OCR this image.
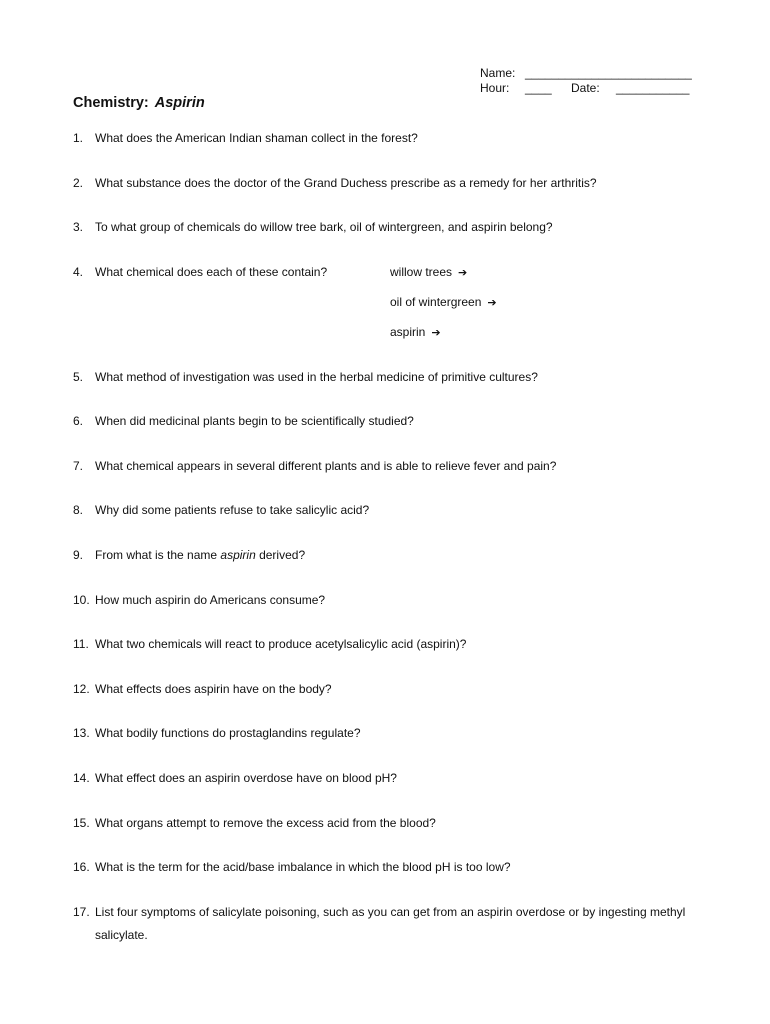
Name: _________________________
Hour: ____ Date: ___________
Chemistry: Aspirin
1. What does the American Indian shaman collect in the forest?
2. What substance does the doctor of the Grand Duchess prescribe as a remedy for her arthritis?
3. To what group of chemicals do willow tree bark, oil of wintergreen, and aspirin belong?
4. What chemical does each of these contain?	willow trees ➔
oil of wintergreen ➔
aspirin ➔
5. What method of investigation was used in the herbal medicine of primitive cultures?
6. When did medicinal plants begin to be scientifically studied?
7. What chemical appears in several different plants and is able to relieve fever and pain?
8. Why did some patients refuse to take salicylic acid?
9. From what is the name aspirin derived?
10. How much aspirin do Americans consume?
11. What two chemicals will react to produce acetylsalicylic acid (aspirin)?
12. What effects does aspirin have on the body?
13. What bodily functions do prostaglandins regulate?
14. What effect does an aspirin overdose have on blood pH?
15. What organs attempt to remove the excess acid from the blood?
16. What is the term for the acid/base imbalance in which the blood pH is too low?
17. List four symptoms of salicylate poisoning, such as you can get from an aspirin overdose or by ingesting methyl salicylate.
